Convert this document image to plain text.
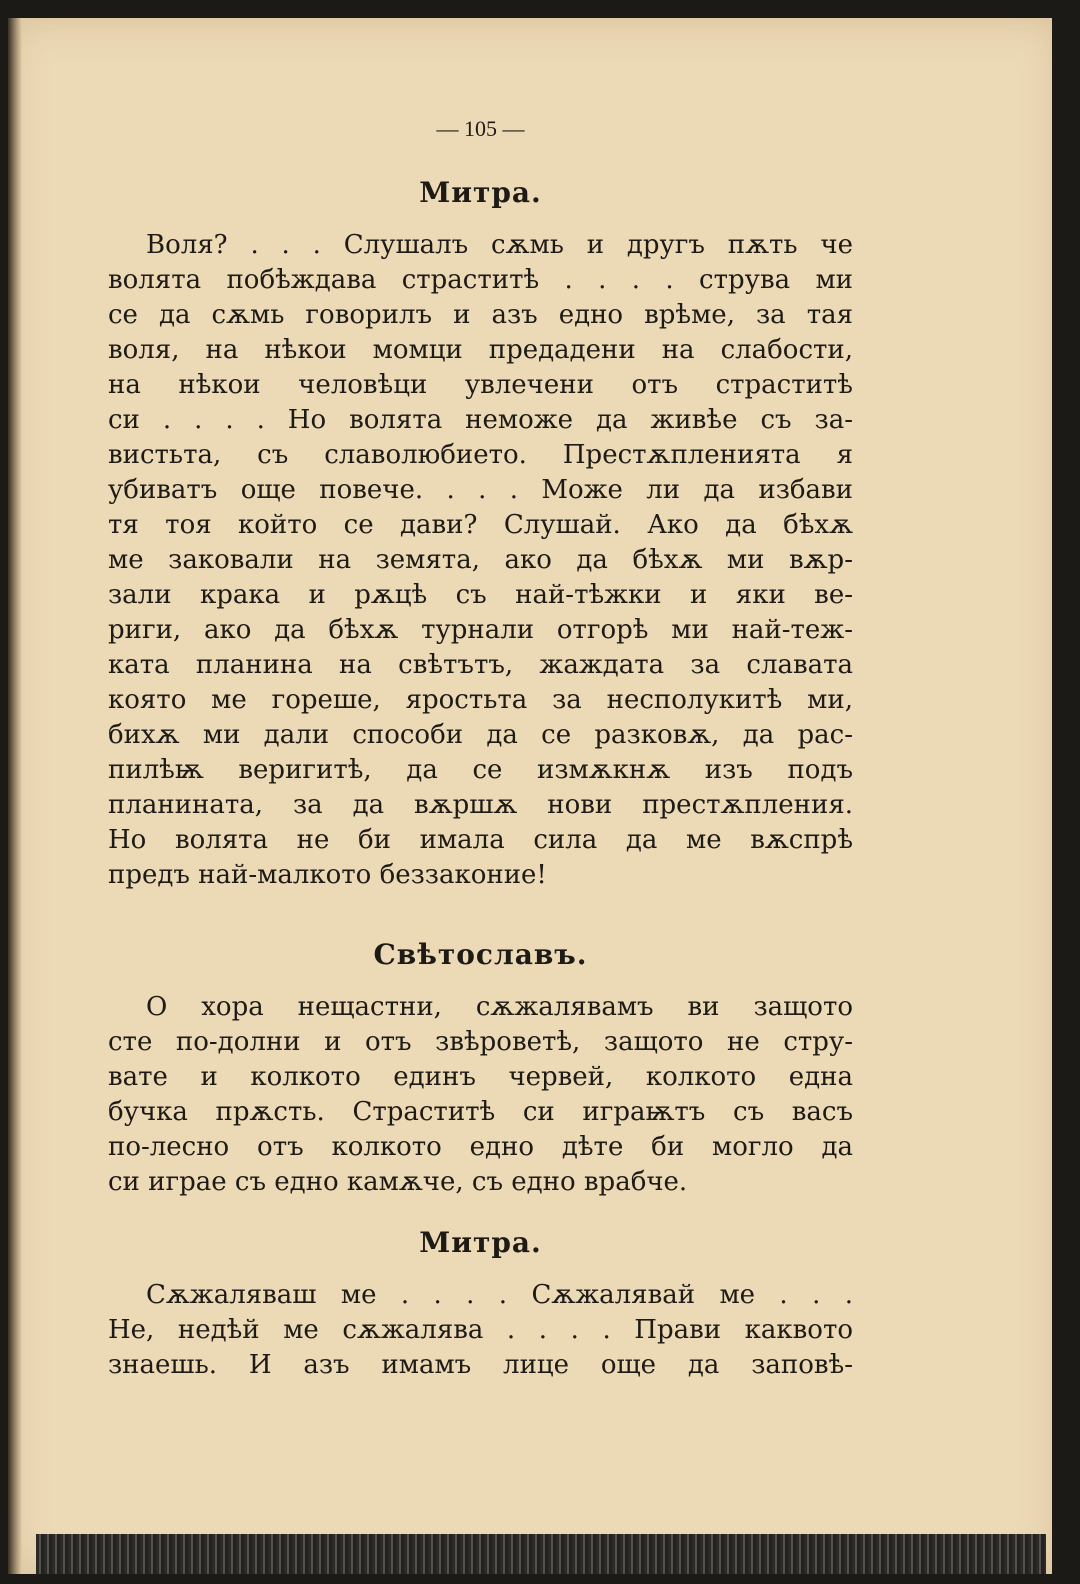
— 105 —
Митра.
Воля? . . . Слушалъ сѫмь и другъ пѫть че
волята побѣждава страститѣ . . . . струва ми
се да сѫмь говорилъ и азъ едно врѣме, за тая
воля, на нѣкои момци предадени на слабости,
на нѣкои человѣци увлечени отъ страститѣ
си . . . . Но волята неможе да живѣе съ за-
вистьта, съ славолюбието. Престѫпленията я
убиватъ още повече. . . . Може ли да избави
тя тоя който се дави? Слушай. Ако да бѣхѫ
ме заковали на земята, ако да бѣхѫ ми вѫр-
зали крака и рѫцѣ съ най-тѣжки и яки ве-
риги, ако да бѣхѫ турнали отгорѣ ми най-теж-
ката планина на свѣтътъ, жаждата за славата
която ме гореше, яростьта за несполукитѣ ми,
бихѫ ми дали способи да се разковѫ, да рас-
пилѣѭ веригитѣ, да се измѫкнѫ изъ подъ
планината, за да вѫршѫ нови престѫпления.
Но волята не би имала сила да ме вѫспрѣ
предъ най-малкото беззаконие!
Свѣтославъ.
О хора нещастни, сѫжалявамъ ви защото
сте по-долни и отъ звѣроветѣ, защото не стру-
вате и колкото единъ червей, колкото една
бучка прѫсть. Страститѣ си играѭтъ съ васъ
по-лесно отъ колкото едно дѣте би могло да
си играе съ едно камѫче, съ едно врабче.
Митра.
Сѫжаляваш ме . . . . Сѫжалявай ме . . .
Не, недѣй ме сѫжалява . . . . Прави каквото
знаешь. И азъ имамъ лице още да заповѣ-
